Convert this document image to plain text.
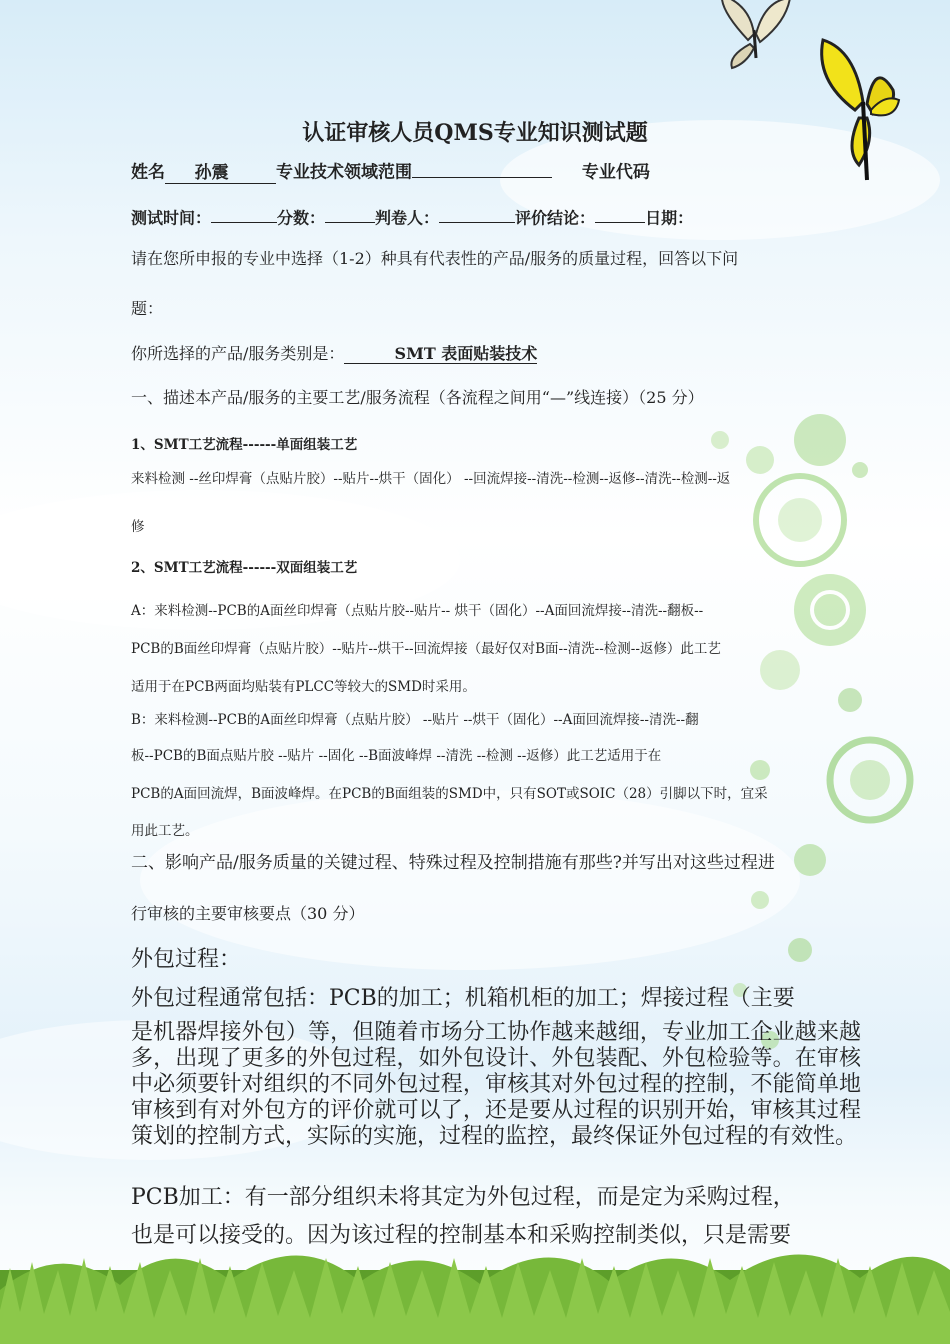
认证审核人员QMS专业知识测试题
姓名 孙震	专业技术领域范围	专业代码
测试时间：	分数：	判卷人：	评价结论：	日期：
请在您所申报的专业中选择（1-2）种具有代表性的产品/服务的质量过程，回答以下问
题：
你所选择的产品/服务类别是：	SMT 表面贴装技术
一、描述本产品/服务的主要工艺/服务流程（各流程之间用“—”线连接）（25 分）
1、SMT工艺流程------单面组装工艺
来料检测 --丝印焊膏（点贴片胶）--贴片--烘干（固化） --回流焊接--清洗--检测--返修--清洗--检测--返
修
2、SMT工艺流程------双面组装工艺
A：来料检测--PCB的A面丝印焊膏（点贴片胶--贴片-- 烘干（固化）--A面回流焊接--清洗--翻板--
PCB的B面丝印焊膏（点贴片胶）--贴片--烘干--回流焊接（最好仅对B面--清洗--检测--返修）此工艺
适用于在PCB两面均贴装有PLCC等较大的SMD时采用。
B：来料检测--PCB的A面丝印焊膏（点贴片胶） --贴片 --烘干（固化）--A面回流焊接--清洗--翻
板--PCB的B面点贴片胶 --贴片 --固化 --B面波峰焊 --清洗 --检测 --返修）此工艺适用于在
PCB的A面回流焊，B面波峰焊。在PCB的B面组装的SMD中，只有SOT或SOIC（28）引脚以下时，宜采
用此工艺。
二、影响产品/服务质量的关键过程、特殊过程及控制措施有那些?并写出对这些过程进
行审核的主要审核要点（30 分）
外包过程：
外包过程通常包括：PCB的加工；机箱机柜的加工；焊接过程（主要
是机器焊接外包）等，但随着市场分工协作越来越细，专业加工企业越来越多，出现了更多的外包过程，如外包设计、外包装配、外包检验等。在审核中必须要针对组织的不同外包过程，审核其对外包过程的控制，不能简单地审核到有对外包方的评价就可以了，还是要从过程的识别开始，审核其过程策划的控制方式，实际的实施，过程的监控，最终保证外包过程的有效性。
PCB加工：有一部分组织未将其定为外包过程，而是定为采购过程，
也是可以接受的。因为该过程的控制基本和采购控制类似，只是需要
